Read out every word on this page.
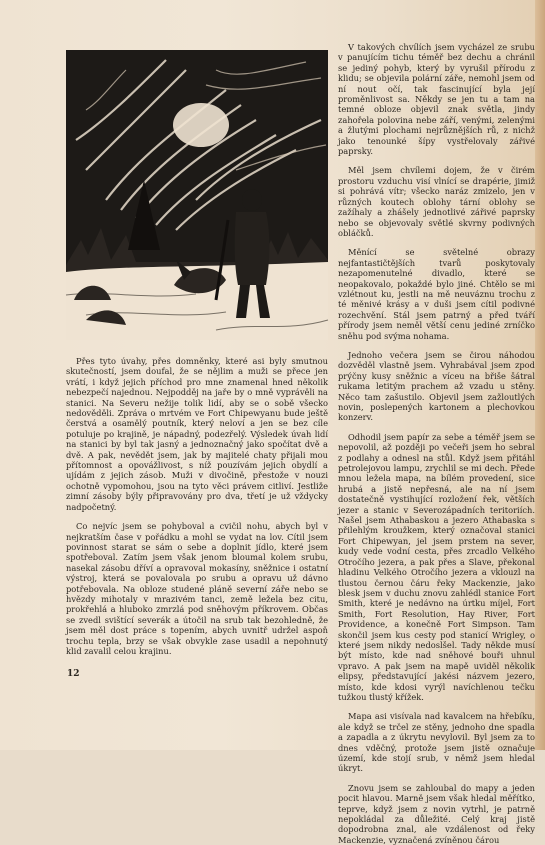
Přes tyto úvahy, přes domněnky, které asi byly smutnou skutečností, jsem doufal, že se nějlim a muži se přece jen vrátí, i když jejich příchod pro mne znamenal hned několik nebezpečí najednou. Nejpodděj na jaře by o mně vyprávěli na stanici. Na Severu nežije tolik lidí, aby se o sobě všecko nedověděli. Zpráva o mrtvém ve Fort Chipewyanu bude ještě čerstvá a osamělý poutník, který neloví a jen se bez cíle potuluje po krajině, je nápadný, podezřelý. Výsledek úvah lidí na stanici by byl tak jasný a jednoznačný jako spočítat dvě a dvě. A pak, nevědět jsem, jak by majitelé chaty přijali mou přítomnost a opovážlivost, s níž pouzívám jejich obydlí a ujídám z jejich zásob. Muži v divočině, přestože v nouzi ochotně vypomohou, jsou na tyto věci právem citliví. Jestliže zimní zásoby býly připravovány pro dva, třetí je už vždycky nadpočetný.

Co nejvíc jsem se pohyboval a cvičil nohu, abych byl v nejkratším čase v pořádku a mohl se vydat na lov. Cítil jsem povinnost starat se sám o sebe a doplnit jídlo, které jsem spotřeboval. Zatím jsem však jenom bloumal kolem srubu, nasekal zásobu dříví a opravoval mokasíny, sněžnice i ostatní výstroj, která se povalovala po srubu a opravu už dávno potřebovala. Na obloze studené pláně severní záře nebo se hvězdy mihotaly v mrazivém tanci, země ležela bez citu, prokřehlá a hluboko zmrzlá pod sněhovým příkrovem. Občas se zvedl svištící severák a útočil na srub tak bezohledně, že jsem měl dost práce s topením, abych uvnitř udržel aspoň trochu tepla, brzy se však obvykle zase usadil a nepohnutý klid zavalil celou krajinu.

V takových chvílích jsem vycházel ze srubu v panujícím tichu téměř bez dechu a chránil se jediný pohyb, který by vyrušil přírodu z klidu; se objevila polární záře, nemohl jsem od ní nout očí, tak fascinující byla její proměnlivost sa. Někdy se jen tu a tam na temné obloze objevil znak světla, jindy zahořela polovina nebe září, venými, zelenými a žlutými plochami nejrůznějších rů, z nichž jako tenounké šípy vystřelovaly zářivé paprsky.

Měl jsem chvílemi dojem, že v čirém prostoru vzduchu visí vlnící se drapérie, jimiž si pohrává vítr; všecko naráz zmizelo, jen v různých koutech oblohy tární oblohy se zažíhaly a zhášely jednotlivé zářivé paprsky nebo se objevovaly světlé skvrny podivných obláčků.

Měnící se světelné obrazy nejfantastičtějších tvarů poskytovaly nezapomenutelné divadlo, které se neopakovalo, pokaždé bylo jiné. Chtělo se mi vzlétnout ku, jestli na mě neuváznu trochu z té měnivé krásy a v duši jsem cítil podivné rozechvění. Stál jsem patrný a před tváří přírody jsem neměl větší cenu jediné zrníčko sněhu pod svýma nohama.

Jednoho večera jsem se čirou náhodou dozvěděl vlastně jsem. Vyhrabával jsem zpod prýčny kusy sněžnic a víceu na břiše šátral rukama letitým prachem až vzadu u stěny. Něco tam zašustilo. Objevil jsem zažloutlých novin, poslepených kartonem a plechovkou konzerv.

Odhodil jsem papír za sebe a téměř jsem se nepovolil, až později po večeři jsem ho sebral z podlahy a odnesl na stůl. Když jsem přitáhl petrolejovou lampu, zrychlil se mi dech. Přede mnou ležela mapa, na bílém provedení, sice hrubá a jistě nepřesná, ale na ní jsem dostatečně vystihující rozložení řek, větších jezer a stanic v Severozápadních teritoriích. Našel jsem Athabaskou a jezero Athabaska s přilehlým kroužkem, který označoval stanici Fort Chipewyan, jel jsem prstem na sever, kudy vede vodní cesta, přes zrcadlo Velkého Otročího jezera, a pak přes a Slave, překonal hladinu Velkého Otročího jezera a vklouzl na tlustou černou čáru řeky Mackenzie, jako blesk jsem v duchu znovu zahlédl stanice Fort Smith, které je nedávno na úrtku míjel, Fort Smith, Fort Resolution, Hay River, Fort Providence, a konečně Fort Simpson. Tam skončil jsem kus cesty pod stanicí Wrigley, o které jsem nikdy nedoslšel. Tady někde musí být místo, kde nad sněhové bouři uhnul vpravo. A pak jsem na mapě uviděl několik elipsy, představující jakési názvem jezero, místo, kde kdosi vyrýl navíchlenou tečku tužkou tlustý křížek.

Mapa asi visívala nad kavalcem na hřebíku, ale když se trčel ze stěny, jednoho dne spadla a zapadla a z úkrytu nevylovil. Byl jsem za to dnes vděčný, protože jsem jistě označuje území, kde stojí srub, v němž jsem hledal úkryt.

Znovu jsem se zahloubal do mapy a jeden pocit hlavou. Marně jsem však hledal měřítko, teprve, když jsem z novin vytrhl, je patrně nepokládal za důležité. Celý kraj jistě dopodrobna znal, ale vzdálenost od řeky Mackenzie, vyznačená zvíněnou čárou

12
